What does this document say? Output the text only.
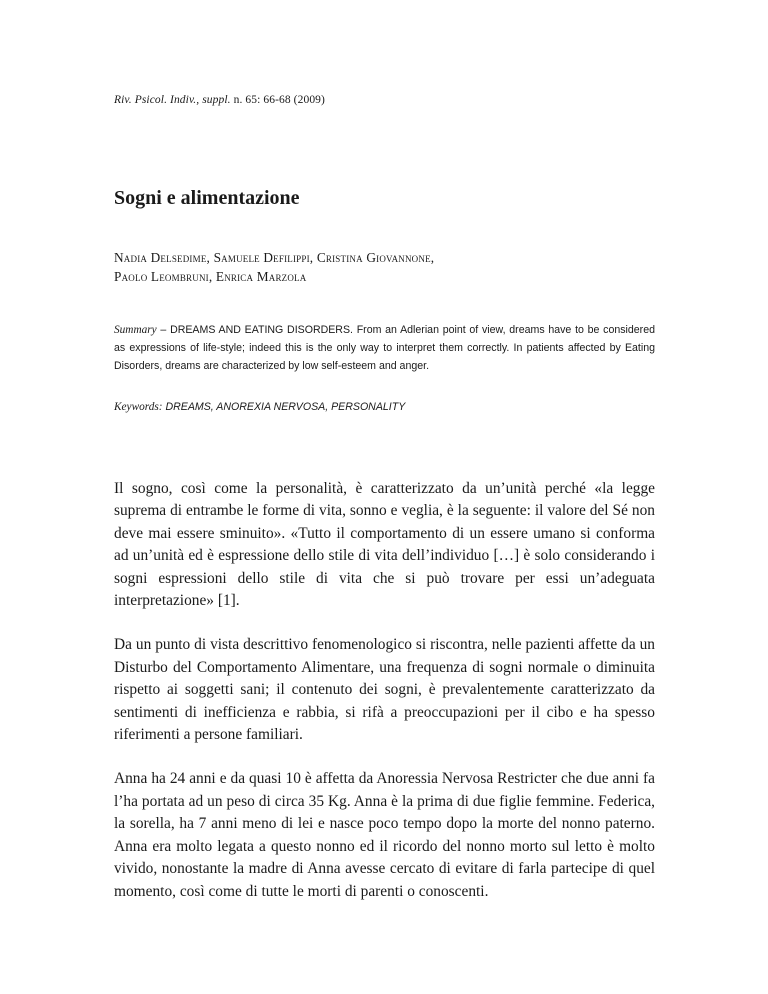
Riv. Psicol. Indiv., suppl. n. 65: 66-68 (2009)
Sogni e alimentazione
Nadia Delsedime, Samuele Defilippi, Cristina Giovannone,
Paolo Leombruni, Enrica Marzola
Summary – DREAMS AND EATING DISORDERS. From an Adlerian point of view, dreams have to be considered as expressions of life-style; indeed this is the only way to interpret them correctly. In patients affected by Eating Disorders, dreams are characterized by low self-esteem and anger.
Keywords: DREAMS, ANOREXIA NERVOSA, PERSONALITY

Il sogno, così come la personalità, è caratterizzato da un’unità perché «la legge suprema di entrambe le forme di vita, sonno e veglia, è la seguente: il valore del Sé non deve mai essere sminuito». «Tutto il comportamento di un essere umano si conforma ad un’unità ed è espressione dello stile di vita dell’individuo […] è solo considerando i sogni espressioni dello stile di vita che si può trovare per essi un’adeguata interpretazione» [1].

Da un punto di vista descrittivo fenomenologico si riscontra, nelle pazienti affette da un Disturbo del Comportamento Alimentare, una frequenza di sogni normale o diminuita rispetto ai soggetti sani; il contenuto dei sogni, è prevalentemente caratterizzato da sentimenti di inefficienza e rabbia, si rifà a preoccupazioni per il cibo e ha spesso riferimenti a persone familiari.

Anna ha 24 anni e da quasi 10 è affetta da Anoressia Nervosa Restricter che due anni fa l’ha portata ad un peso di circa 35 Kg. Anna è la prima di due figlie femmine. Federica, la sorella, ha 7 anni meno di lei e nasce poco tempo dopo la morte del nonno paterno. Anna era molto legata a questo nonno ed il ricordo del nonno morto sul letto è molto vivido, nonostante la madre di Anna avesse cercato di evitare di farla partecipe di quel momento, così come di tutte le morti di parenti o conoscenti.
